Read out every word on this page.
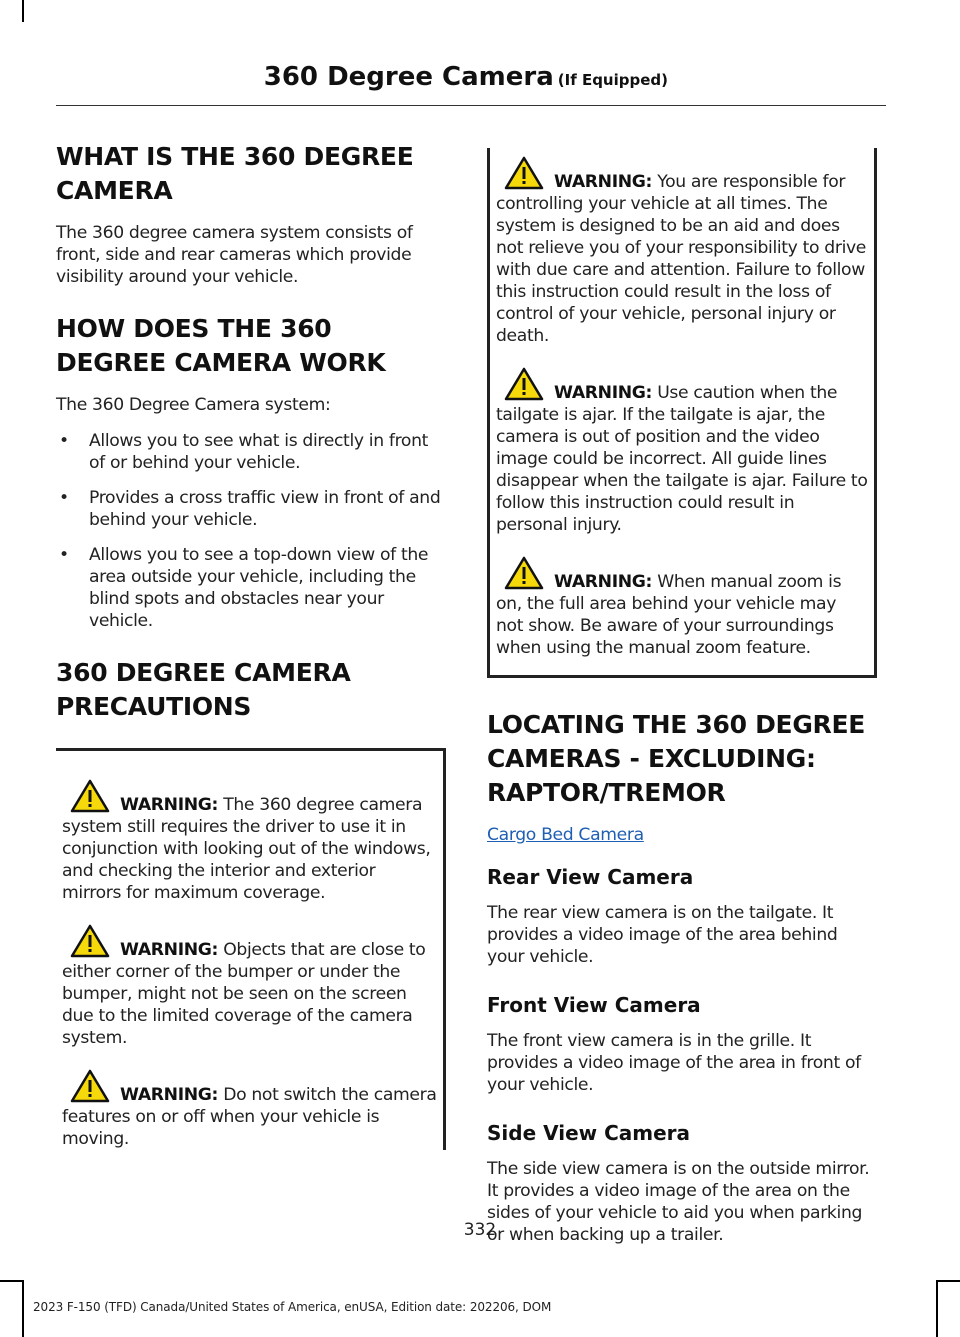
360 Degree Camera (If Equipped)
WHAT IS THE 360 DEGREE CAMERA

The 360 degree camera system consists of front, side and rear cameras which provide visibility around your vehicle.

HOW DOES THE 360 DEGREE CAMERA WORK

The 360 Degree Camera system:

• Allows you to see what is directly in front of or behind your vehicle.
• Provides a cross traffic view in front of and behind your vehicle.
• Allows you to see a top-down view of the area outside your vehicle, including the blind spots and obstacles near your vehicle.
360 DEGREE CAMERA PRECAUTIONS
WARNING: The 360 degree camera system still requires the driver to use it in conjunction with looking out of the windows, and checking the interior and exterior mirrors for maximum coverage.
WARNING: Objects that are close to either corner of the bumper or under the bumper, might not be seen on the screen due to the limited coverage of the camera system.
WARNING: Do not switch the camera features on or off when your vehicle is moving.
WARNING: You are responsible for controlling your vehicle at all times. The system is designed to be an aid and does not relieve you of your responsibility to drive with due care and attention. Failure to follow this instruction could result in the loss of control of your vehicle, personal injury or death.
WARNING: Use caution when the tailgate is ajar. If the tailgate is ajar, the camera is out of position and the video image could be incorrect. All guide lines disappear when the tailgate is ajar. Failure to follow this instruction could result in personal injury.
WARNING: When manual zoom is on, the full area behind your vehicle may not show. Be aware of your surroundings when using the manual zoom feature.
LOCATING THE 360 DEGREE CAMERAS - EXCLUDING: RAPTOR/TREMOR

Cargo Bed Camera

Rear View Camera

The rear view camera is on the tailgate. It provides a video image of the area behind your vehicle.

Front View Camera

The front view camera is in the grille. It provides a video image of the area in front of your vehicle.

Side View Camera

The side view camera is on the outside mirror. It provides a video image of the area on the sides of your vehicle to aid you when parking or when backing up a trailer.

332
2023 F-150 (TFD) Canada/United States of America, enUSA, Edition date: 202206, DOM
